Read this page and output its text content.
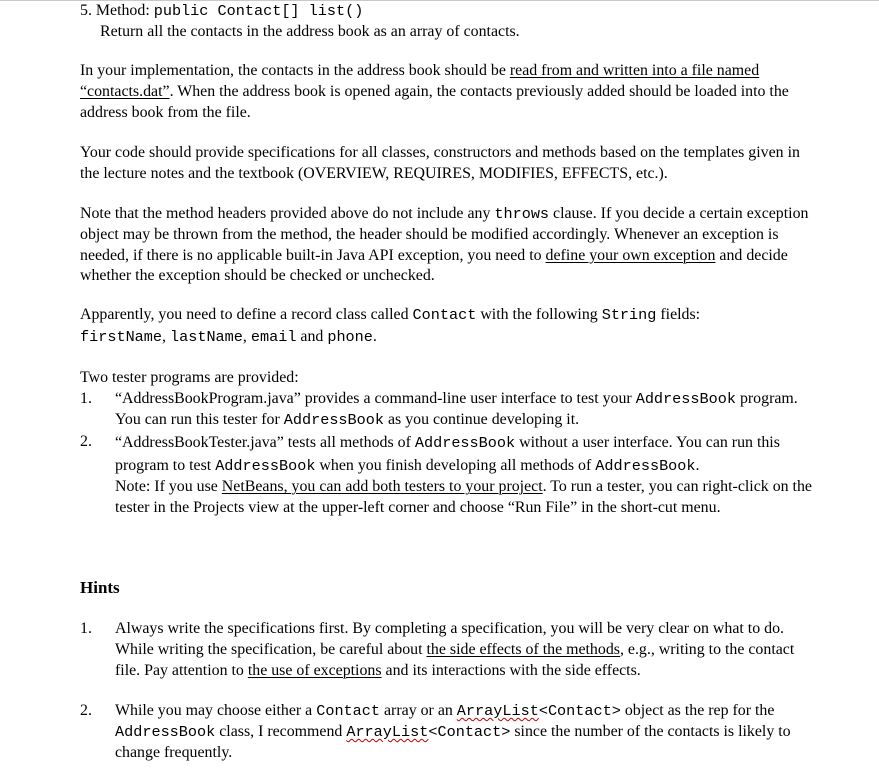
5. Method: public Contact[] list()
Return all the contacts in the address book as an array of contacts.

In your implementation, the contacts in the address book should be read from and written into a file named “contacts.dat”. When the address book is opened again, the contacts previously added should be loaded into the address book from the file.

Your code should provide specifications for all classes, constructors and methods based on the templates given in the lecture notes and the textbook (OVERVIEW, REQUIRES, MODIFIES, EFFECTS, etc.).

Note that the method headers provided above do not include any throws clause. If you decide a certain exception object may be thrown from the method, the header should be modified accordingly. Whenever an exception is needed, if there is no applicable built-in Java API exception, you need to define your own exception and decide whether the exception should be checked or unchecked.

Apparently, you need to define a record class called Contact with the following String fields:
firstName, lastName, email and phone.
Two tester programs are provided:
1. “AddressBookProgram.java” provides a command-line user interface to test your AddressBook program. You can run this tester for AddressBook as you continue developing it.
2. “AddressBookTester.java” tests all methods of AddressBook without a user interface. You can run this program to test AddressBook when you finish developing all methods of AddressBook.
Note: If you use NetBeans, you can add both testers to your project. To run a tester, you can right-click on the tester in the Projects view at the upper-left corner and choose “Run File” in the short-cut menu.
Hints
1. Always write the specifications first. By completing a specification, you will be very clear on what to do. While writing the specification, be careful about the side effects of the methods, e.g., writing to the contact file. Pay attention to the use of exceptions and its interactions with the side effects.
2. While you may choose either a Contact array or an ArrayList<Contact> object as the rep for the AddressBook class, I recommend ArrayList<Contact> since the number of the contacts is likely to change frequently.
